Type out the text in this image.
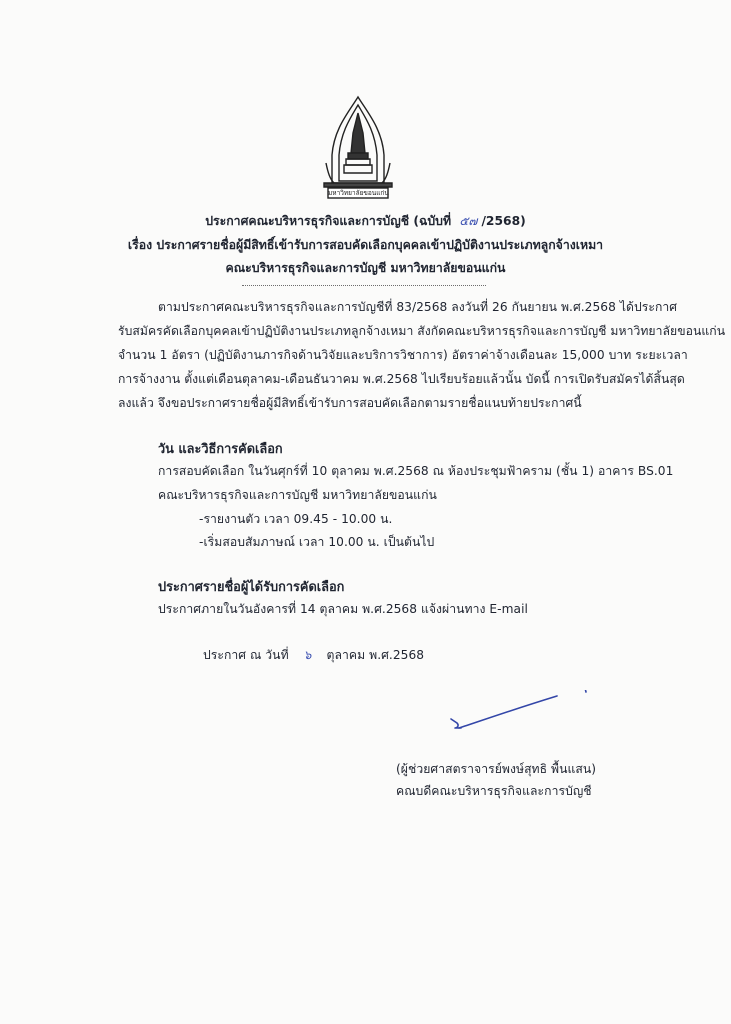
มหาวิทยาลัยขอนแก่น
ประกาศคณะบริหารธุรกิจและการบัญชี (ฉบับที่ ๕๗ /2568)
เรื่อง ประกาศรายชื่อผู้มีสิทธิ์เข้ารับการสอบคัดเลือกบุคคลเข้าปฏิบัติงานประเภทลูกจ้างเหมา
คณะบริหารธุรกิจและการบัญชี มหาวิทยาลัยขอนแก่น
ตามประกาศคณะบริหารธุรกิจและการบัญชีที่ 83/2568 ลงวันที่ 26 กันยายน พ.ศ.2568 ได้ประกาศ
รับสมัครคัดเลือกบุคคลเข้าปฏิบัติงานประเภทลูกจ้างเหมา สังกัดคณะบริหารธุรกิจและการบัญชี มหาวิทยาลัยขอนแก่น
จำนวน 1 อัตรา (ปฏิบัติงานภารกิจด้านวิจัยและบริการวิชาการ) อัตราค่าจ้างเดือนละ 15,000 บาท ระยะเวลา
การจ้างงาน ตั้งแต่เดือนตุลาคม-เดือนธันวาคม พ.ศ.2568 ไปเรียบร้อยแล้วนั้น บัดนี้ การเปิดรับสมัครได้สิ้นสุด
ลงแล้ว จึงขอประกาศรายชื่อผู้มีสิทธิ์เข้ารับการสอบคัดเลือกตามรายชื่อแนบท้ายประกาศนี้
วัน และวิธีการคัดเลือก
การสอบคัดเลือก ในวันศุกร์ที่ 10 ตุลาคม พ.ศ.2568 ณ ห้องประชุมฟ้าคราม (ชั้น 1) อาคาร BS.01
คณะบริหารธุรกิจและการบัญชี มหาวิทยาลัยขอนแก่น
-รายงานตัว เวลา 09.45 - 10.00 น.
-เริ่มสอบสัมภาษณ์ เวลา 10.00 น. เป็นต้นไป
ประกาศรายชื่อผู้ได้รับการคัดเลือก
ประกาศภายในวันอังคารที่ 14 ตุลาคม พ.ศ.2568 แจ้งผ่านทาง E-mail
ประกาศ ณ วันที่ ๖ ตุลาคม พ.ศ.2568
(ผู้ช่วยศาสตราจารย์พงษ์สุทธิ พื้นแสน)
คณบดีคณะบริหารธุรกิจและการบัญชี
